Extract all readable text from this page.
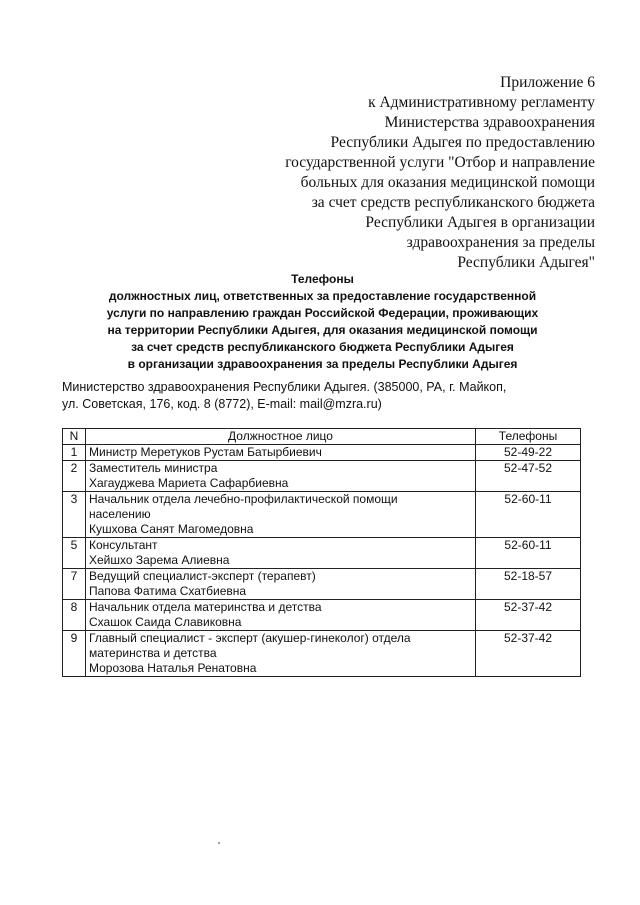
Приложение 6
к Административному регламенту
Министерства здравоохранения
Республики Адыгея по предоставлению
государственной услуги "Отбор и направление
больных для оказания медицинской помощи
за счет средств республиканского бюджета
Республики Адыгея в организации
здравоохранения за пределы
Республики Адыгея"
Телефоны
должностных лиц, ответственных за предоставление государственной
услуги по направлению граждан Российской Федерации, проживающих
на территории Республики Адыгея, для оказания медицинской помощи
за счет средств республиканского бюджета Республики Адыгея
в организации здравоохранения за пределы Республики Адыгея
Министерство здравоохранения Республики Адыгея. (385000, РА, г. Майкоп,
ул. Советская, 176, код. 8 (8772), E-mail: mail@mzra.ru)
N	Должностное лицо	Телефоны
1	Министр Меретуков Рустам Батырбиевич	52-49-22
2	Заместитель министра
Хагауджева Мариета Сафарбиевна	52-47-52
3	Начальник отдела лечебно-профилактической помощи
населению
Кушхова Санят Магомедовна	52-60-11
5	Консультант
Хейшхо Зарема Алиевна	52-60-11
7	Ведущий специалист-эксперт (терапевт)
Папова Фатима Схатбиевна	52-18-57
8	Начальник отдела материнства и детства
Схашок Саида Славиковна	52-37-42
9	Главный специалист - эксперт (акушер-гинеколог) отдела
материнства и детства
Морозова Наталья Ренатовна	52-37-42
